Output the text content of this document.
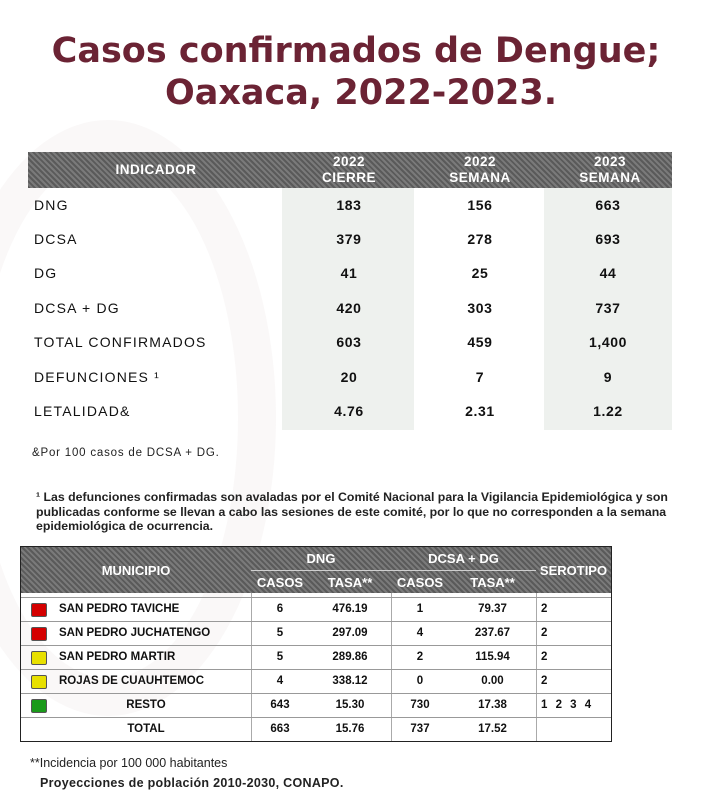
Casos confirmados de Dengue;
Oaxaca, 2022-2023.
INDICADOR
2022
CIERRE
2022
SEMANA
2023
SEMANA
DNG	183	156	663
DCSA	379	278	693
DG	41	25	44
DCSA + DG	420	303	737
TOTAL CONFIRMADOS	603	459	1,400
DEFUNCIONES ¹	20	7	9
LETALIDAD&	4.76	2.31	1.22
&Por 100 casos de DCSA + DG.
¹ Las defunciones confirmadas son avaladas por el Comité Nacional para la Vigilancia Epidemiológica y son publicadas conforme se llevan a cabo las sesiones de este comité, por lo que no corresponden a la semana epidemiológica de ocurrencia.
MUNICIPIO
DNG	DCSA + DG
SEROTIPO
CASOS	TASA**	CASOS	TASA**
SAN PEDRO TAVICHE	6	476.19	1	79.37	2
SAN PEDRO JUCHATENGO	5	297.09	4	237.67	2
SAN PEDRO MARTIR	5	289.86	2	115.94	2
ROJAS DE CUAUHTEMOC	4	338.12	0	0.00	2
RESTO	643	15.30	730	17.38	1 2 3 4
TOTAL	663	15.76	737	17.52
**Incidencia por 100 000 habitantes
Proyecciones de población 2010-2030, CONAPO.
